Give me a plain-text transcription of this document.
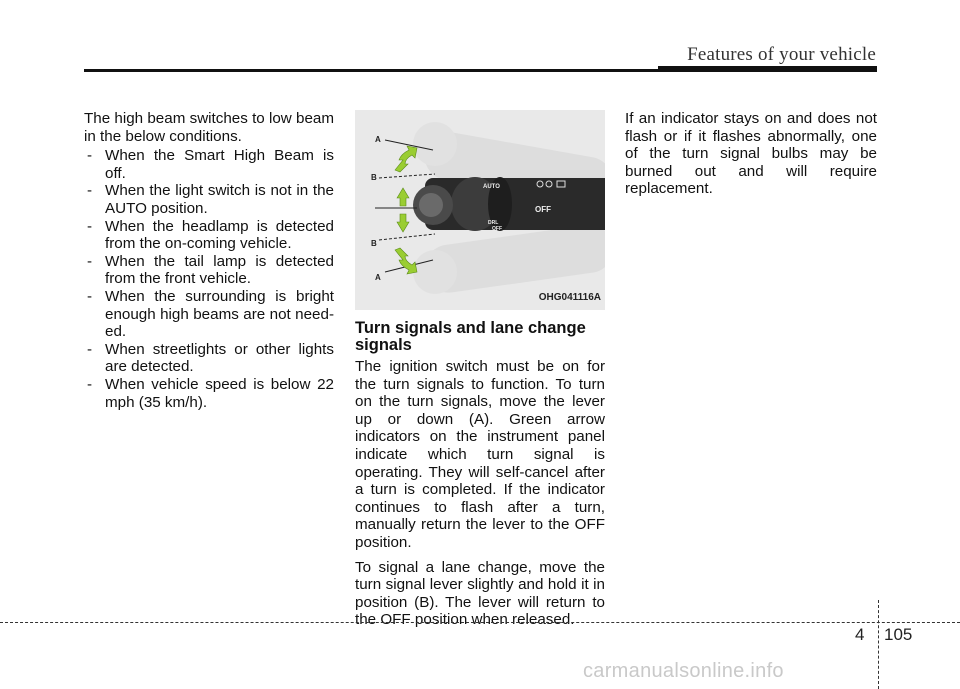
Features of your vehicle

The high beam switches to low beam in the below conditions.

- When the Smart High Beam is off.
- When the light switch is not in the AUTO position.
- When the headlamp is detected from the on-coming vehicle.
- When the tail lamp is detected from the front vehicle.
- When the surrounding is bright enough high beams are not need- ed.
- When streetlights or other lights are detected.
- When vehicle speed is below 22 mph (35 km/h).
AUTO
OFF
DRL
OFF
A
B
B
A
OHG041116A
Turn signals and lane change signals

The ignition switch must be on for the turn signals to function. To turn on the turn signals, move the lever up or down (A). Green arrow indicators on the instrument panel indicate which turn signal is operating. They will self-cancel after a turn is completed. If the indicator continues to flash after a turn, manually return the lever to the OFF position.

To signal a lane change, move the turn signal lever slightly and hold it in position (B). The lever will return to the OFF position when released.

If an indicator stays on and does not flash or if it flashes abnormally, one of the turn signal bulbs may be burned out and will require replacement.

4 105
carmanualsonline.info
